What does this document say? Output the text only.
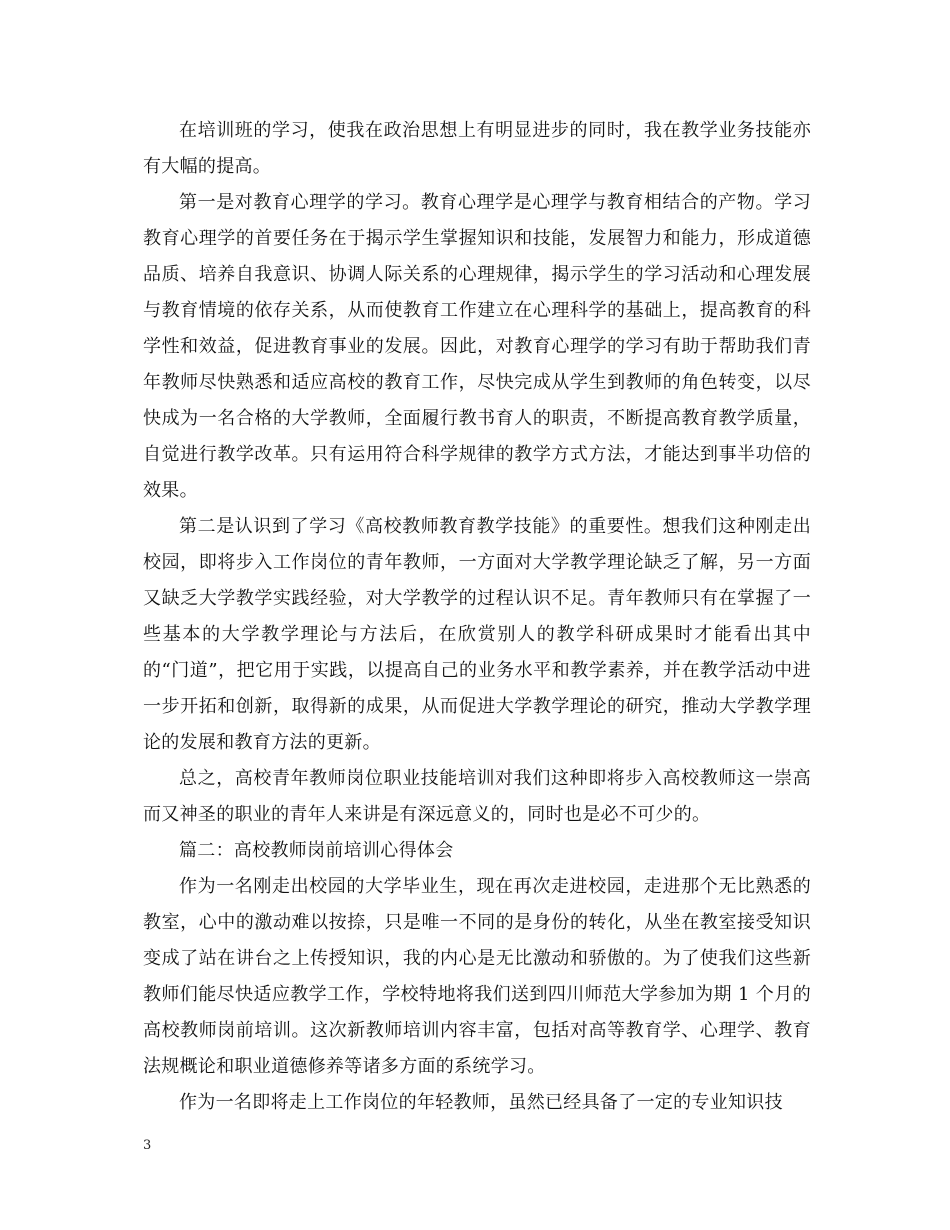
在培训班的学习，使我在政治思想上有明显进步的同时，我在教学业务技能亦有大幅的提高。

第一是对教育心理学的学习。教育心理学是心理学与教育相结合的产物。学习教育心理学的首要任务在于揭示学生掌握知识和技能，发展智力和能力，形成道德品质、培养自我意识、协调人际关系的心理规律，揭示学生的学习活动和心理发展与教育情境的依存关系，从而使教育工作建立在心理科学的基础上，提高教育的科学性和效益，促进教育事业的发展。因此，对教育心理学的学习有助于帮助我们青年教师尽快熟悉和适应高校的教育工作，尽快完成从学生到教师的角色转变，以尽快成为一名合格的大学教师，全面履行教书育人的职责，不断提高教育教学质量，自觉进行教学改革。只有运用符合科学规律的教学方式方法，才能达到事半功倍的效果。

第二是认识到了学习《高校教师教育教学技能》的重要性。想我们这种刚走出校园，即将步入工作岗位的青年教师，一方面对大学教学理论缺乏了解，另一方面又缺乏大学教学实践经验，对大学教学的过程认识不足。青年教师只有在掌握了一些基本的大学教学理论与方法后，在欣赏别人的教学科研成果时才能看出其中的“门道”，把它用于实践，以提高自己的业务水平和教学素养，并在教学活动中进一步开拓和创新，取得新的成果，从而促进大学教学理论的研究，推动大学教学理论的发展和教育方法的更新。

总之，高校青年教师岗位职业技能培训对我们这种即将步入高校教师这一崇高而又神圣的职业的青年人来讲是有深远意义的，同时也是必不可少的。

篇二：高校教师岗前培训心得体会

作为一名刚走出校园的大学毕业生，现在再次走进校园，走进那个无比熟悉的教室，心中的激动难以按捺，只是唯一不同的是身份的转化，从坐在教室接受知识变成了站在讲台之上传授知识，我的内心是无比激动和骄傲的。为了使我们这些新教师们能尽快适应教学工作，学校特地将我们送到四川师范大学参加为期 1 个月的高校教师岗前培训。这次新教师培训内容丰富，包括对高等教育学、心理学、教育法规概论和职业道德修养等诸多方面的系统学习。

作为一名即将走上工作岗位的年轻教师，虽然已经具备了一定的专业知识技

3
